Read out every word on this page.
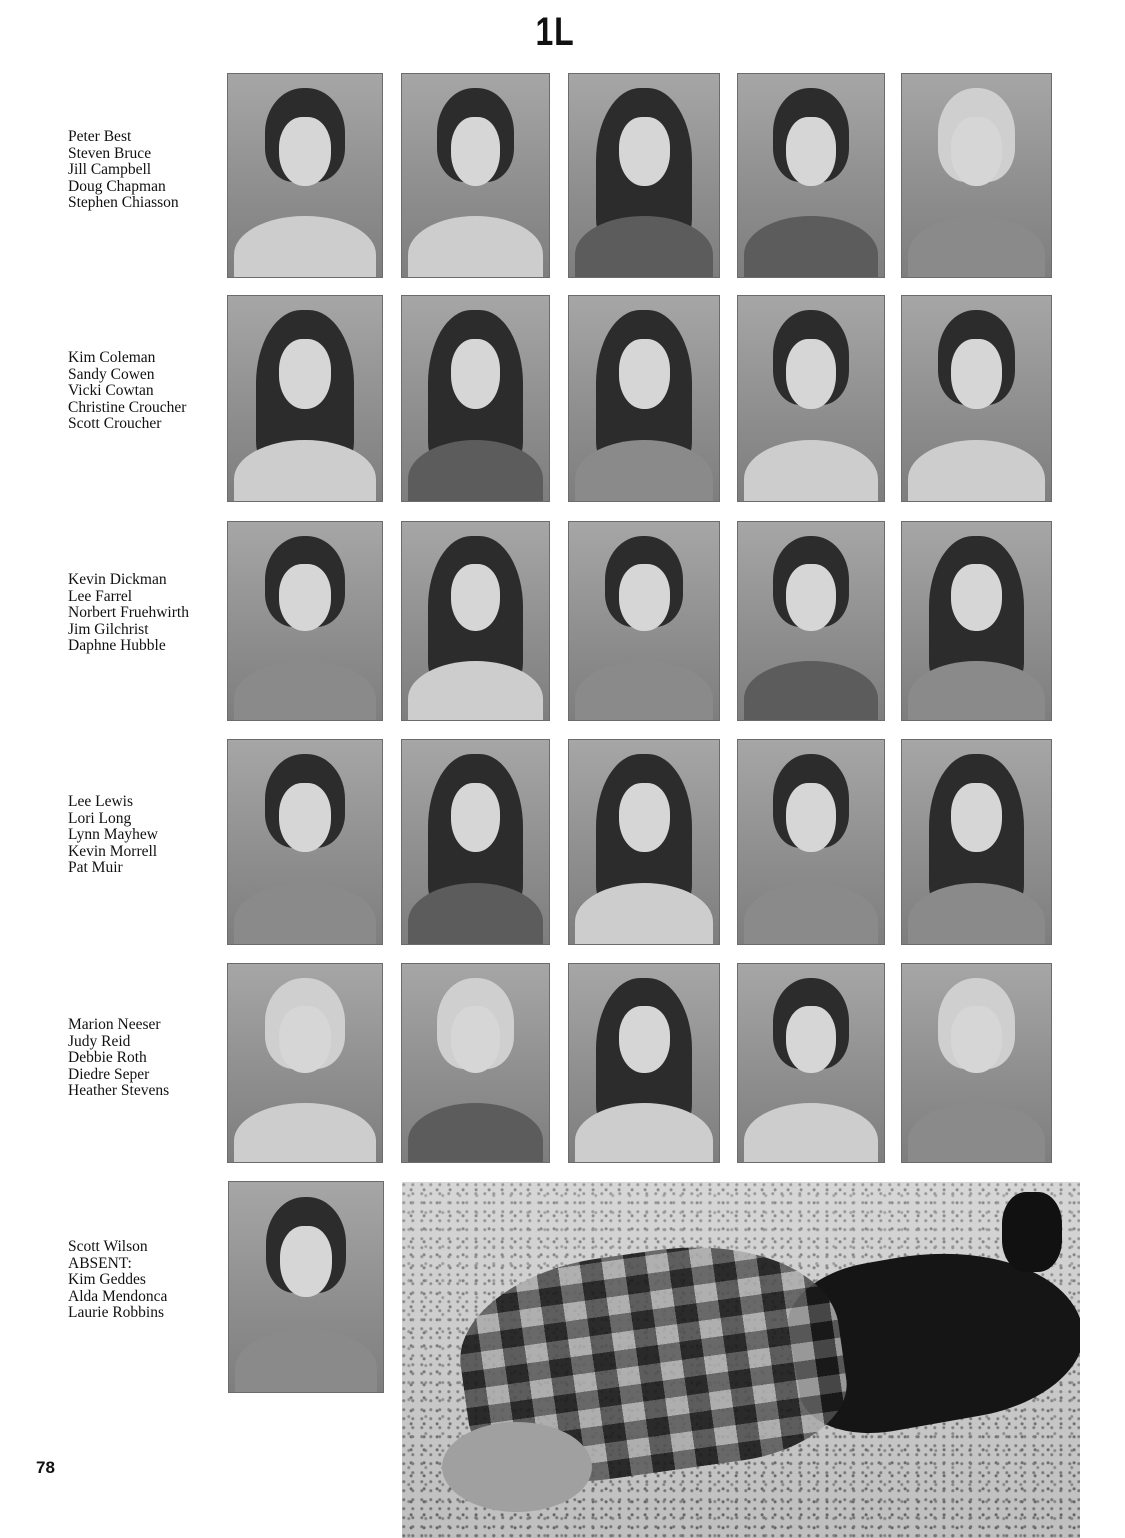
1L
Peter Best
Steven Bruce
Jill Campbell
Doug Chapman
Stephen Chiasson
Kim Coleman
Sandy Cowen
Vicki Cowtan
Christine Croucher
Scott Croucher
Kevin Dickman
Lee Farrel
Norbert Fruehwirth
Jim Gilchrist
Daphne Hubble
Lee Lewis
Lori Long
Lynn Mayhew
Kevin Morrell
Pat Muir
Marion Neeser
Judy Reid
Debbie Roth
Diedre Seper
Heather Stevens
Scott Wilson
ABSENT:
Kim Geddes
Alda Mendonca
Laurie Robbins
78
